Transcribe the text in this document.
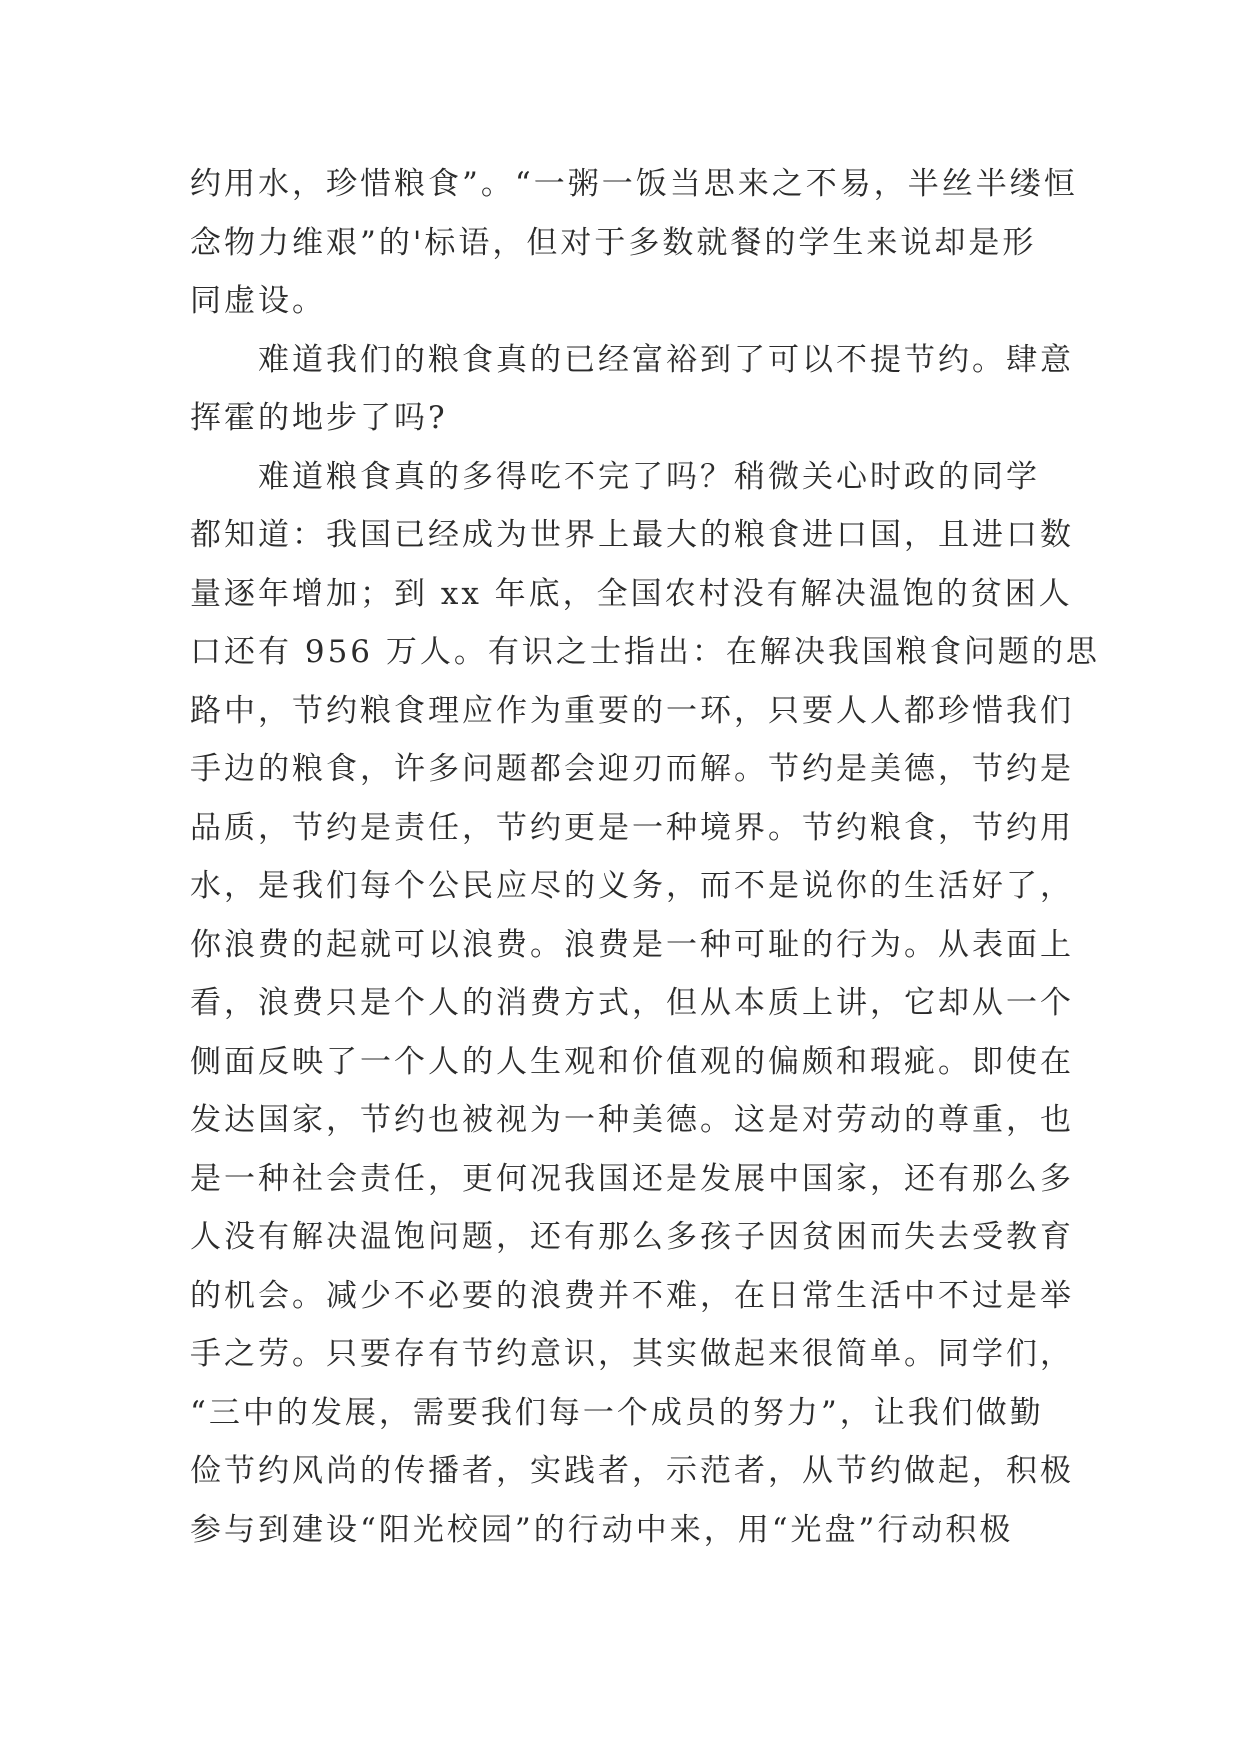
约用水，珍惜粮食”。“一粥一饭当思来之不易，半丝半缕恒
念物力维艰”的'标语，但对于多数就餐的学生来说却是形
同虚设。
难道我们的粮食真的已经富裕到了可以不提节约。肆意
挥霍的地步了吗?
难道粮食真的多得吃不完了吗？稍微关心时政的同学
都知道：我国已经成为世界上最大的粮食进口国，且进口数
量逐年增加；到 xx 年底，全国农村没有解决温饱的贫困人
口还有 956 万人。有识之士指出：在解决我国粮食问题的思
路中，节约粮食理应作为重要的一环，只要人人都珍惜我们
手边的粮食，许多问题都会迎刃而解。节约是美德，节约是
品质，节约是责任，节约更是一种境界。节约粮食，节约用
水，是我们每个公民应尽的义务，而不是说你的生活好了，
你浪费的起就可以浪费。浪费是一种可耻的行为。从表面上
看，浪费只是个人的消费方式，但从本质上讲，它却从一个
侧面反映了一个人的人生观和价值观的偏颇和瑕疵。即使在
发达国家，节约也被视为一种美德。这是对劳动的尊重，也
是一种社会责任，更何况我国还是发展中国家，还有那么多
人没有解决温饱问题，还有那么多孩子因贫困而失去受教育
的机会。减少不必要的浪费并不难，在日常生活中不过是举
手之劳。只要存有节约意识，其实做起来很简单。同学们，
“三中的发展，需要我们每一个成员的努力”，让我们做勤
俭节约风尚的传播者，实践者，示范者，从节约做起，积极
参与到建设“阳光校园”的行动中来，用“光盘”行动积极
